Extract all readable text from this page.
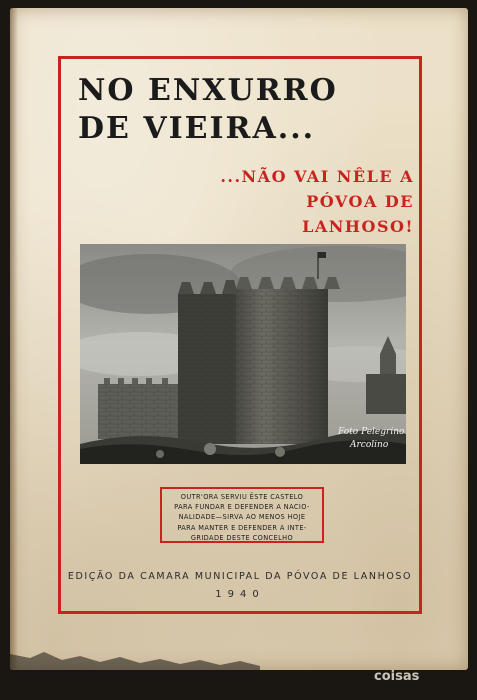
NO ENXURRO
DE VIEIRA...
...NÃO VAI NÊLE A
PÓVOA DE LANHOSO!
Foto Pelegrino
Arcolino
OUTR'ORA SERVIU ÊSTE CASTELO
PARA FUNDAR E DEFENDER A NACIO-
NALIDADE—SIRVA AO MENOS HOJE
PARA MANTER E DEFENDER A INTE-
GRIDADE DESTE CONCELHO
EDIÇÃO DA CAMARA MUNICIPAL DA PÓVOA DE LANHOSO
1940
coisas
